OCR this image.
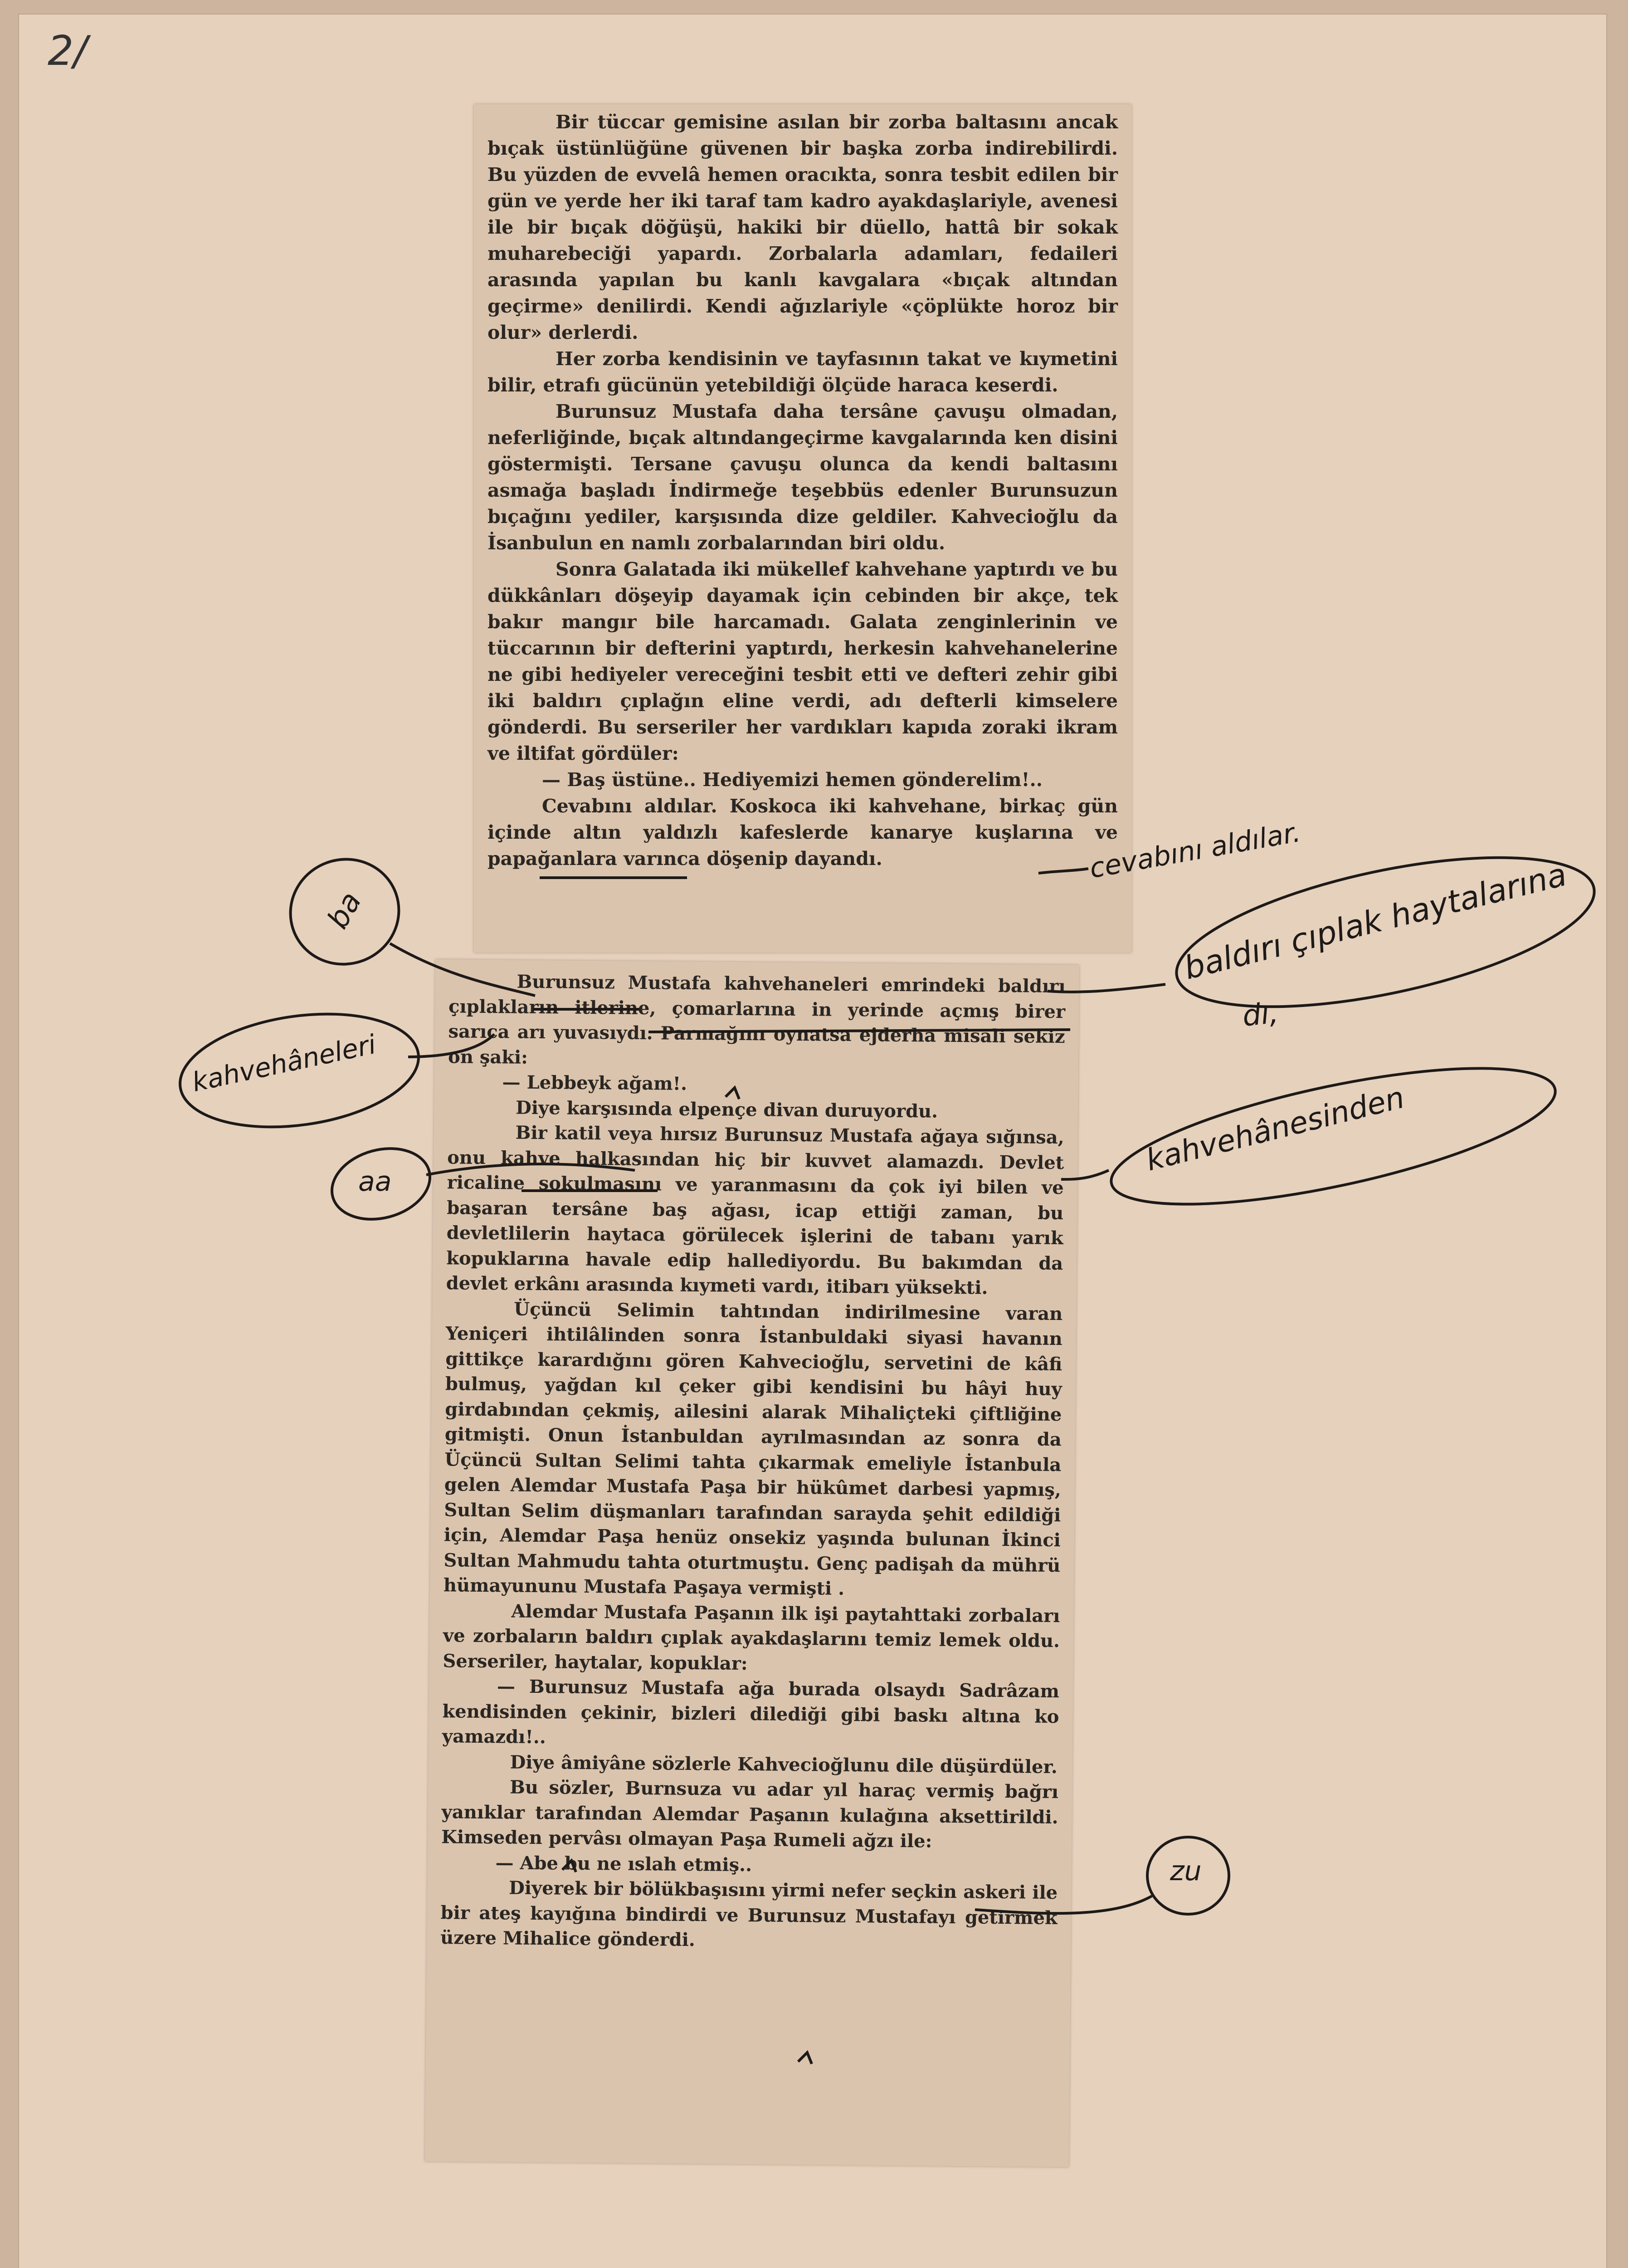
2/

Bir tüccar gemisine asılan bir zorba baltasını ancak bıçak üstünlüğüne güvenen bir başka zorba indirebilirdi. Bu yüzden de evvelâ hemen oracıkta, sonra tesbit edilen bir gün ve yerde her iki taraf tam kadro ayakdaşlariyle, avenesi ile bir bıçak döğüşü, hakiki bir düello, hattâ bir sokak muharebeciği yapardı. Zorbalarla adamları, fedaileri arasında yapılan bu kanlı kavgalara «bıçak altından geçirme» denilirdi. Kendi ağızlariyle «çöplükte horoz bir olur» derlerdi.

Her zorba kendisinin ve tayfasının takat ve kıymetini bilir, etrafı gücünün yetebildiği ölçüde haraca keserdi.

Burunsuz Mustafa daha tersâne çavuşu olmadan, neferliğinde, bıçak altındangeçirme kavgalarında ken disini göstermişti. Tersane çavuşu olunca da kendi baltasını asmağa başladı İndirmeğe teşebbüs edenler Burunsuzun bıçağını yediler, karşısında dize geldiler. Kahvecioğlu da İsanbulun en namlı zorbalarından biri oldu.

Sonra Galatada iki mükellef kahvehane yaptırdı ve bu dükkânları döşeyip dayamak için cebinden bir akçe, tek bakır mangır bile harcamadı. Galata zenginlerinin ve tüccarının bir defterini yaptırdı, herkesin kahvehanelerine ne gibi hediyeler vereceğini tesbit etti ve defteri zehir gibi iki baldırı çıplağın eline verdi, adı defterli kimselere gönderdi. Bu serseriler her vardıkları kapıda zoraki ikram ve iltifat gördüler:

— Baş üstüne.. Hediyemizi hemen gönderelim!..

Cevabını aldılar. Koskoca iki kahvehane, birkaç gün içinde altın yaldızlı kafeslerde kanarye kuşlarına ve papağanlara varınca döşenip dayandı.

Burunsuz Mustafa kahvehaneleri emrindeki baldırı çıplakların itlerine, çomarlarına in yerinde açmış birer sarıca arı yuvasıydı. Parmağını oynatsa ejderha misali sekiz on şaki:

— Lebbeyk ağam!.

Diye karşısında elpençe divan duruyordu.

Bir katil veya hırsız Burunsuz Mustafa ağaya sığınsa, onu kahve halkasından hiç bir kuvvet alamazdı. Devlet ricaline sokulmasını ve yaranmasını da çok iyi bilen ve başaran tersâne baş ağası, icap ettiği zaman, bu devletlilerin haytaca görülecek işlerini de tabanı yarık kopuklarına havale edip hallediyordu. Bu bakımdan da devlet erkânı arasında kıymeti vardı, itibarı yüksekti.

Üçüncü Selimin tahtından indirilmesine varan Yeniçeri ihtilâlinden sonra İstanbuldaki siyasi havanın gittikçe karardığını gören Kahvecioğlu, servetini de kâfi bulmuş, yağdan kıl çeker gibi kendisini bu hâyi huy girdabından çekmiş, ailesini alarak Mihaliçteki çiftliğine gitmişti. Onun İstanbuldan ayrılmasından az sonra da Üçüncü Sultan Selimi tahta çıkarmak emeliyle İstanbula gelen Alemdar Mustafa Paşa bir hükûmet darbesi yapmış, Sultan Selim düşmanları tarafından sarayda şehit edildiği için, Alemdar Paşa henüz onsekiz yaşında bulunan İkinci Sultan Mahmudu tahta oturtmuştu. Genç padişah da mührü hümayununu Mustafa Paşaya vermişti .

Alemdar Mustafa Paşanın ilk işi paytahttaki zorbaları ve zorbaların baldırı çıplak ayakdaşlarını temiz lemek oldu. Serseriler, haytalar, kopuklar:

— Burunsuz Mustafa ağa burada olsaydı Sadrâzam kendisinden çekinir, bizleri dilediği gibi baskı altına ko yamazdı!..

Diye âmiyâne sözlerle Kahvecioğlunu dile düşürdüler.

Bu sözler, Burnsuza vu adar yıl haraç vermiş bağrı yanıklar tarafından Alemdar Paşanın kulağına aksettirildi. Kimseden pervâsı olmayan Paşa Rumeli ağzı ile:

— Abe bu ne ıslah etmiş..

Diyerek bir bölükbaşısını yirmi nefer seçkin askeri ile bir ateş kayığına bindirdi ve Burunsuz Mustafayı getirmek üzere Mihalice gönderdi.

cevabını aldılar.
baldırı çıplak haytalarına
dı,
kahvehâneleri
kahvehânesinden
ba
aa
zu
